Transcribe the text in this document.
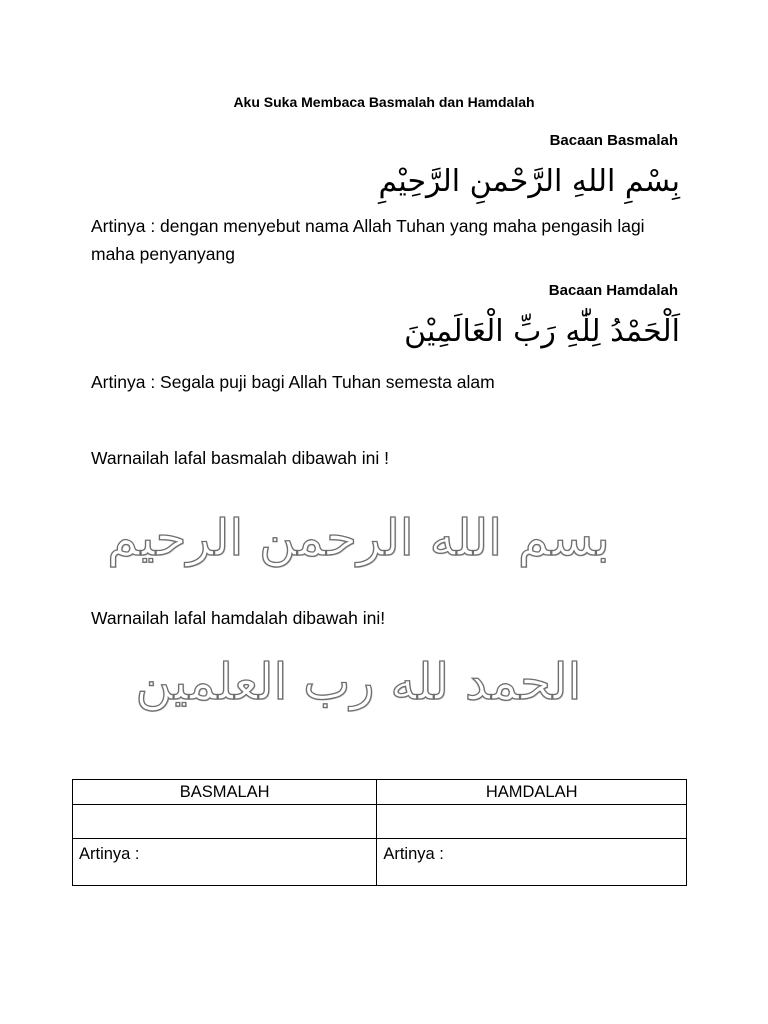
Aku Suka Membaca Basmalah dan Hamdalah
Bacaan Basmalah
بِسْمِ اللهِ الرَّحْمنِ الرَّحِيْمِ
Artinya : dengan menyebut nama Allah Tuhan yang maha pengasih lagi maha penyanyang
Bacaan Hamdalah
اَلْحَمْدُ لِلّٰهِ رَبِّ الْعَالَمِيْنَ
Artinya : Segala puji bagi Allah Tuhan semesta alam
Warnailah lafal basmalah dibawah ini !
بسم الله الرحمن الرحيم
Warnailah lafal hamdalah dibawah ini!
الحمد لله رب العلمين
BASMALAH	HAMDALAH

Artinya :	Artinya :
